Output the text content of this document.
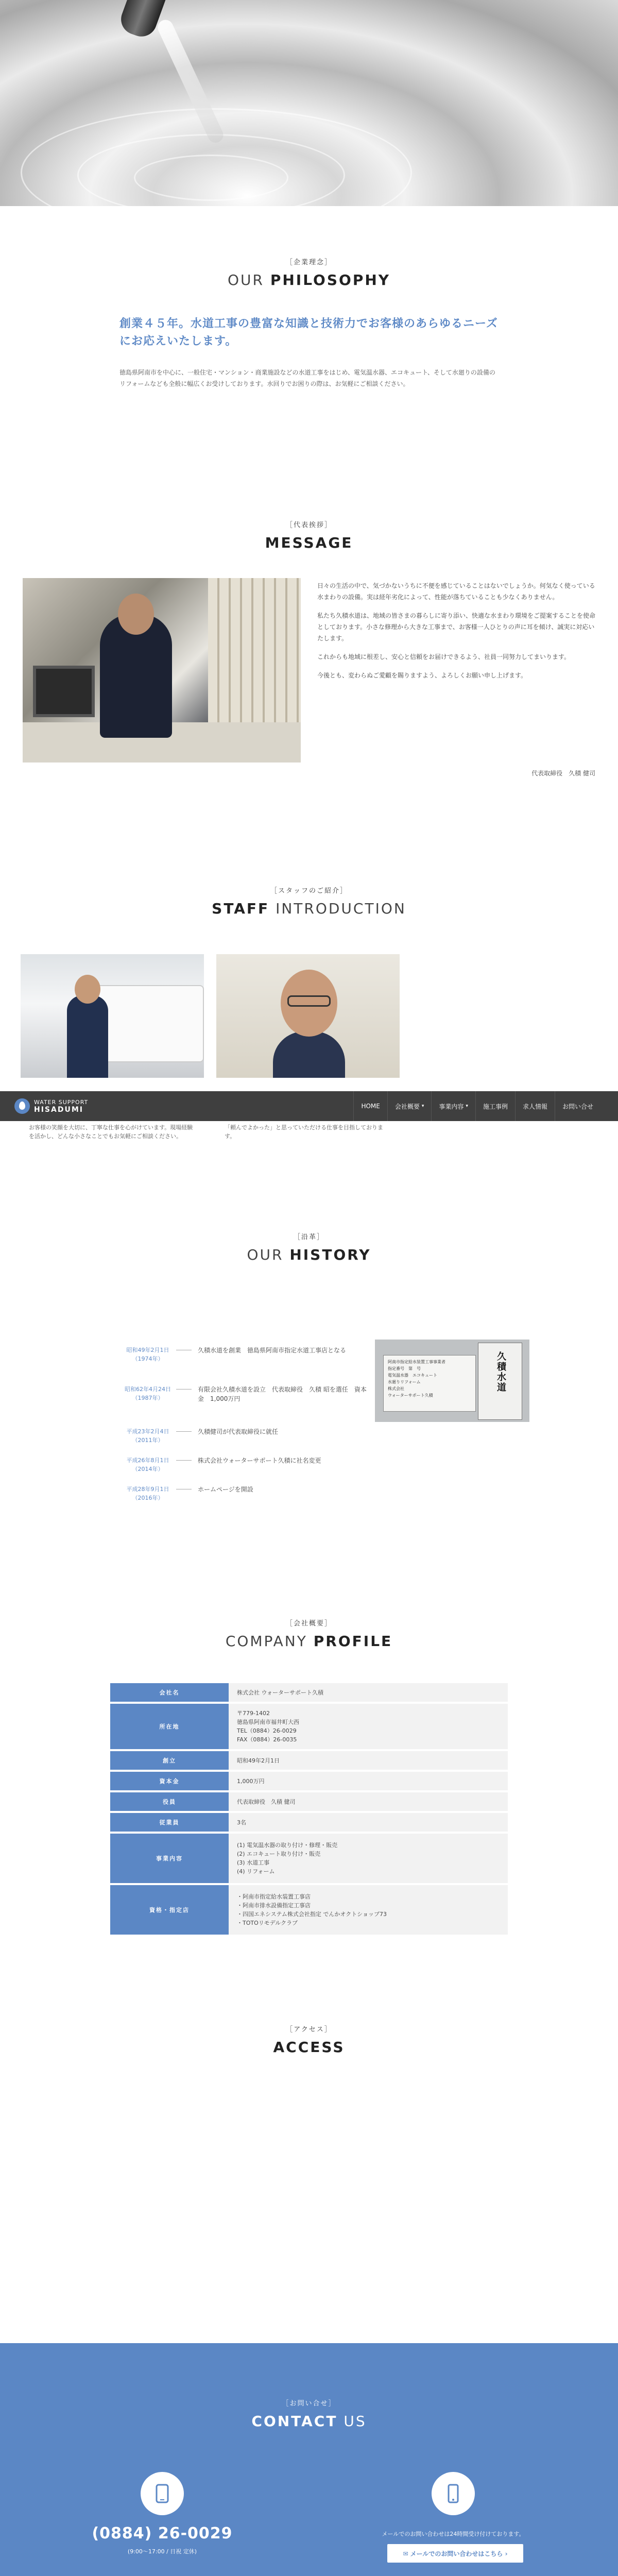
［企業理念］
OUR PHILOSOPHY
創業４５年。水道工事の豊富な知識と技術力でお客様のあらゆるニーズにお応えいたします。
徳島県阿南市を中心に、一般住宅・マンション・商業施設などの水道工事をはじめ、電気温水器、エコキュート、そして水廻りの設備のリフォームなども全般に幅広くお受けしております。水回りでお困りの際は、お気軽にご相談ください。
［代表挨拶］
MESSAGE

日々の生活の中で、気づかないうちに不便を感じていることはないでしょうか。何気なく使っている水まわりの設備。実は経年劣化によって、性能が落ちていることも少なくありません。

私たち久積水道は、地域の皆さまの暮らしに寄り添い、快適な水まわり環境をご提案することを使命としております。小さな修理から大きな工事まで、お客様一人ひとりの声に耳を傾け、誠実に対応いたします。

これからも地域に根差し、安心と信頼をお届けできるよう、社員一同努力してまいります。

今後とも、変わらぬご愛顧を賜りますよう、よろしくお願い申し上げます。

代表取締役　久積 健司
［スタッフのご紹介］
STAFF INTRODUCTION
お客様の笑顔を大切に、丁寧な仕事を心がけています。現場経験を活かし、どんな小さなことでもお気軽にご相談ください。
「頼んでよかった」と思っていただける仕事を目指しております。
WATER SUPPORT
HISADUMI	HOME 会社概要 ▾ 事業内容 ▾ 施工事例 求人情報 お問い合せ
［沿革］
OUR HISTORY
昭和49年2月1日（1974年）
久積水道を創業　徳島県阿南市指定水道工事店となる
昭和62年4月24日（1987年）
有限会社久積水道を設立　代表取締役　久積 昭を選任　資本金　1,000万円
平成23年2月4日（2011年）
久積健司が代表取締役に就任
平成26年8月1日（2014年）
株式会社ウォーターサポート久積に社名変更
平成28年9月1日（2016年）
ホームページを開設
阿南市指定給水装置工事事業者
指定番号　第　号
電気温水器　エコキュート
水廻りリフォーム
株式会社
ウォーターサポート久積
久積水道
［会社概要］
COMPANY PROFILE
会社名	株式会社 ウォーターサポート久積

所在地	〒779-1402
徳島県阿南市福井町大西
TEL（0884）26-0029
FAX（0884）26-0035

創立	昭和49年2月1日

資本金	1,000万円

役員	代表取締役　久積 健司

従業員	3名

事業内容	(1) 電気温水器の取り付け・修理・販売
(2) エコキュート取り付け・販売
(3) 水道工事
(4) リフォーム

資格・指定店	・阿南市指定給水装置工事店
・阿南市排水設備指定工事店
・四国エネシステム株式会社指定 でんかオクトショップ73
・TOTOリモデルクラブ
［アクセス］
ACCESS
［お問い合せ］
CONTACT US
(0884) 26-0029
(9:00〜17:00 / 日祝 定休)
メールでのお問い合わせは24時間受け付けております。
✉ メールでのお問い合わせはこちら ›
